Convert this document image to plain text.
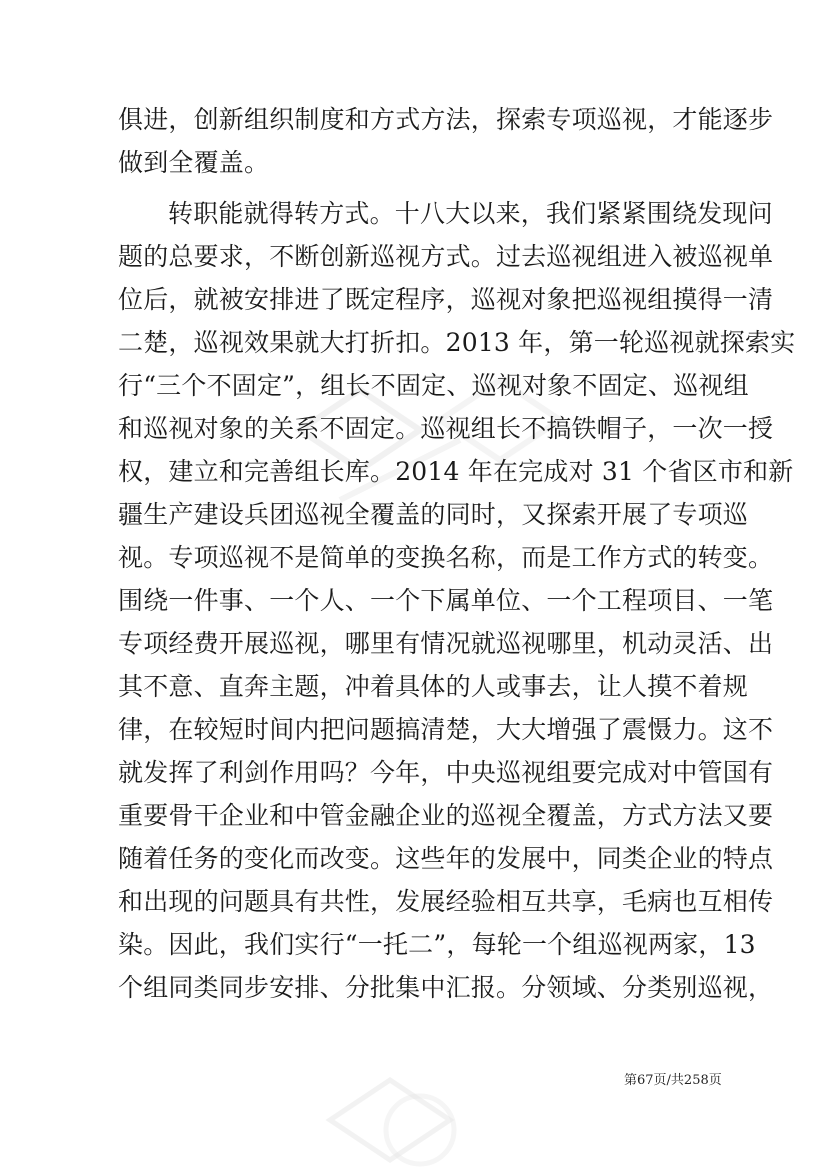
俱进，创新组织制度和方式方法，探索专项巡视，才能逐步
做到全覆盖。
转职能就得转方式。十八大以来，我们紧紧围绕发现问
题的总要求，不断创新巡视方式。过去巡视组进入被巡视单
位后，就被安排进了既定程序，巡视对象把巡视组摸得一清
二楚，巡视效果就大打折扣。2013 年，第一轮巡视就探索实
行“三个不固定”，组长不固定、巡视对象不固定、巡视组
和巡视对象的关系不固定。巡视组长不搞铁帽子，一次一授
权，建立和完善组长库。2014 年在完成对 31 个省区市和新
疆生产建设兵团巡视全覆盖的同时，又探索开展了专项巡
视。专项巡视不是简单的变换名称，而是工作方式的转变。
围绕一件事、一个人、一个下属单位、一个工程项目、一笔
专项经费开展巡视，哪里有情况就巡视哪里，机动灵活、出
其不意、直奔主题，冲着具体的人或事去，让人摸不着规
律，在较短时间内把问题搞清楚，大大增强了震慑力。这不
就发挥了利剑作用吗？今年，中央巡视组要完成对中管国有
重要骨干企业和中管金融企业的巡视全覆盖，方式方法又要
随着任务的变化而改变。这些年的发展中，同类企业的特点
和出现的问题具有共性，发展经验相互共享，毛病也互相传
染。因此，我们实行“一托二”，每轮一个组巡视两家，13
个组同类同步安排、分批集中汇报。分领域、分类别巡视，
第67页/共258页
